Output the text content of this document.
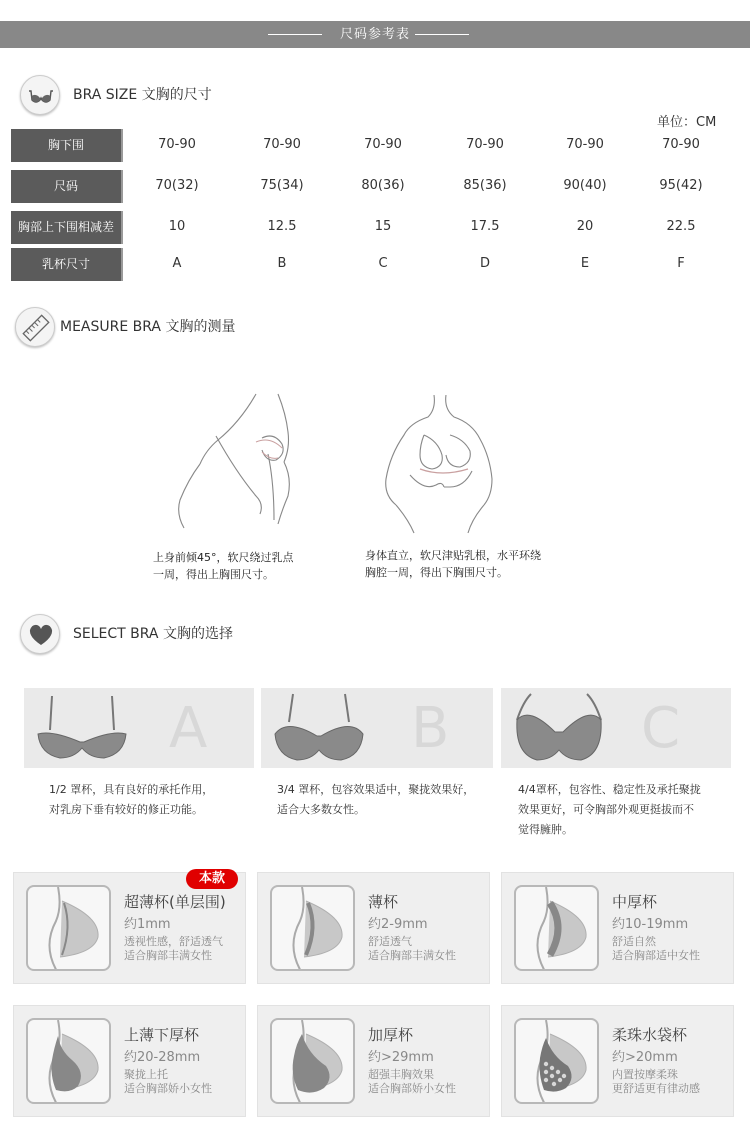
尺码参考表
BRA SIZE 文胸的尺寸
单位：CM
胸下围	70-90	70-90	70-90	70-90	70-90	70-90
尺码	70(32)	75(34)	80(36)	85(36)	90(40)	95(42)
胸部上下围相减差	10	12.5	15	17.5	20	22.5
乳杯尺寸	A	B	C	D	E	F
MEASURE BRA 文胸的测量
上身前倾45°，软尺绕过乳点
一周，得出上胸围尺寸。
身体直立，软尺津贴乳根，水平环绕
胸腔一周，得出下胸围尺寸。
SELECT BRA 文胸的选择
A	B	C
1/2 罩杯，具有良好的承托作用，
对乳房下垂有较好的修正功能。
3/4 罩杯，包容效果适中，聚拢效果好，
适合大多数女性。
4/4罩杯，包容性、稳定性及承托聚拢
效果更好，可令胸部外观更挺拔而不
觉得臃肿。
本款
超薄杯(单层围)
约1mm
透视性感，舒适透气
适合胸部丰满女性
薄杯
约2-9mm
舒适透气
适合胸部丰满女性
中厚杯
约10-19mm
舒适自然
适合胸部适中女性
上薄下厚杯
约20-28mm
聚拢上托
适合胸部娇小女性
加厚杯
约>29mm
超强丰胸效果
适合胸部娇小女性
柔珠水袋杯
约>20mm
内置按摩柔珠
更舒适更有律动感
